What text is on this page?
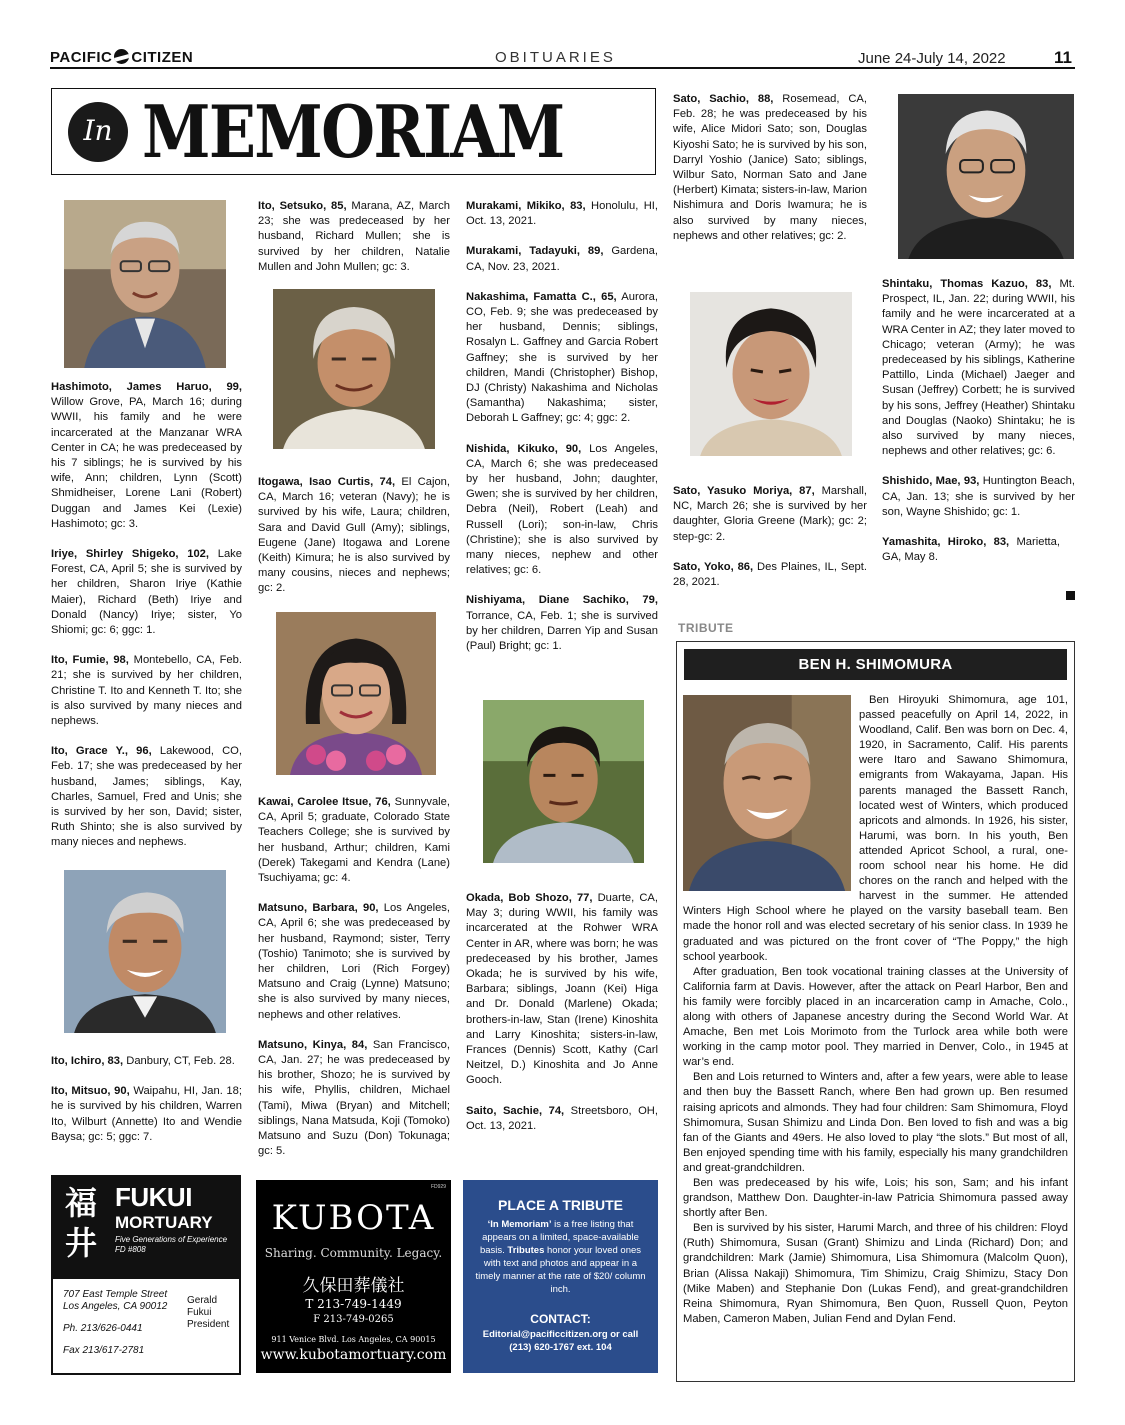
PACIFIC CITIZEN	OBITUARIES	June 24-July 14, 2022	11
In MEMORIAM
Hashimoto, James Haruo, 99, Willow Grove, PA, March 16; during WWII, his family and he were incarcerated at the Manzanar WRA Center in CA; he was predeceased by his 7 siblings; he is survived by his wife, Ann; children, Lynn (Scott) Shmidheiser, Lorene Lani (Robert) Duggan and James Kei (Lexie) Hashimoto; gc: 3.
Iriye, Shirley Shigeko, 102, Lake Forest, CA, April 5; she is survived by her children, Sharon Iriye (Kathie Maier), Richard (Beth) Iriye and Donald (Nancy) Iriye; sister, Yo Shiomi; gc: 6; ggc: 1.
Ito, Fumie, 98, Montebello, CA, Feb. 21; she is survived by her children, Christine T. Ito and Kenneth T. Ito; she is also survived by many nieces and nephews.
Ito, Grace Y., 96, Lakewood, CO, Feb. 17; she was predeceased by her husband, James; siblings, Kay, Charles, Samuel, Fred and Unis; she is survived by her son, David; sister, Ruth Shinto; she is also survived by many nieces and nephews.
Ito, Ichiro, 83, Danbury, CT, Feb. 28.
Ito, Mitsuo, 90, Waipahu, HI, Jan. 18; he is survived by his children, Warren Ito, Wilburt (Annette) Ito and Wendie Baysa; gc: 5; ggc: 7.
Ito, Setsuko, 85, Marana, AZ, March 23; she was predeceased by her husband, Richard Mullen; she is survived by her children, Natalie Mullen and John Mullen; gc: 3.
Itogawa, Isao Curtis, 74, El Cajon, CA, March 16; veteran (Navy); he is survived by his wife, Laura; children, Sara and David Gull (Amy); siblings, Eugene (Jane) Itogawa and Lorene (Keith) Kimura; he is also survived by many cousins, nieces and nephews; gc: 2.
Kawai, Carolee Itsue, 76, Sunnyvale, CA, April 5; graduate, Colorado State Teachers College; she is survived by her husband, Arthur; children, Kami (Derek) Takegami and Kendra (Lane) Tsuchiyama; gc: 4.
Matsuno, Barbara, 90, Los Angeles, CA, April 6; she was predeceased by her husband, Raymond; sister, Terry (Toshio) Tanimoto; she is survived by her children, Lori (Rich Forgey) Matsuno and Craig (Lynne) Matsuno; she is also survived by many nieces, nephews and other relatives.
Matsuno, Kinya, 84, San Francisco, CA, Jan. 27; he was predeceased by his brother, Shozo; he is survived by his wife, Phyllis, children, Michael (Tami), Miwa (Bryan) and Mitchell; siblings, Nana Matsuda, Koji (Tomoko) Matsuno and Suzu (Don) Tokunaga; gc: 5.
Murakami, Mikiko, 83, Honolulu, HI, Oct. 13, 2021.
Murakami, Tadayuki, 89, Gardena, CA, Nov. 23, 2021.
Nakashima, Famatta C., 65, Aurora, CO, Feb. 9; she was predeceased by her husband, Dennis; siblings, Rosalyn L. Gaffney and Garcia Robert Gaffney; she is survived by her children, Mandi (Christopher) Bishop, DJ (Christy) Nakashima and Nicholas (Samantha) Nakashima; sister, Deborah L Gaffney; gc: 4; ggc: 2.
Nishida, Kikuko, 90, Los Angeles, CA, March 6; she was predeceased by her husband, John; daughter, Gwen; she is survived by her children, Debra (Neil), Robert (Leah) and Russell (Lori); son-in-law, Chris (Christine); she is also survived by many nieces, nephew and other relatives; gc: 6.
Nishiyama, Diane Sachiko, 79, Torrance, CA, Feb. 1; she is survived by her children, Darren Yip and Susan (Paul) Bright; gc: 1.
Okada, Bob Shozo, 77, Duarte, CA, May 3; during WWII, his family was incarcerated at the Rohwer WRA Center in AR, where was born; he was predeceased by his brother, James Okada; he is survived by his wife, Barbara; siblings, Joann (Kei) Higa and Dr. Donald (Marlene) Okada; brothers-in-law, Stan (Irene) Kinoshita and Larry Kinoshita; sisters-in-law, Frances (Dennis) Scott, Kathy (Carl Neitzel, D.) Kinoshita and Jo Anne Gooch.
Saito, Sachie, 74, Streetsboro, OH, Oct. 13, 2021.
Sato, Sachio, 88, Rosemead, CA, Feb. 28; he was predeceased by his wife, Alice Midori Sato; son, Douglas Kiyoshi Sato; he is survived by his son, Darryl Yoshio (Janice) Sato; siblings, Wilbur Sato, Norman Sato and Jane (Herbert) Kimata; sisters-in-law, Marion Nishimura and Doris Iwamura; he is also survived by many nieces, nephews and other relatives; gc: 2.
Sato, Yasuko Moriya, 87, Marshall, NC, March 26; she is survived by her daughter, Gloria Greene (Mark); gc: 2; step-gc: 2.
Sato, Yoko, 86, Des Plaines, IL, Sept. 28, 2021.
Shintaku, Thomas Kazuo, 83, Mt. Prospect, IL, Jan. 22; during WWII, his family and he were incarcerated at a WRA Center in AZ; they later moved to Chicago; veteran (Army); he was predeceased by his siblings, Katherine Pattillo, Linda (Michael) Jaeger and Susan (Jeffrey) Corbett; he is survived by his sons, Jeffrey (Heather) Shintaku and Douglas (Naoko) Shintaku; he is also survived by many nieces, nephews and other relatives; gc: 6.
Shishido, Mae, 93, Huntington Beach, CA, Jan. 13; she is survived by her son, Wayne Shishido; gc: 1.
Yamashita, Hiroko, 83, Marietta, GA, May 8.
TRIBUTE
BEN H. SHIMOMURA

Ben Hiroyuki Shimomura, age 101, passed peacefully on April 14, 2022, in Woodland, Calif. Ben was born on Dec. 4, 1920, in Sacramento, Calif. His parents were Itaro and Sawano Shimomura, emigrants from Wakayama, Japan. His parents managed the Bassett Ranch, located west of Winters, which produced apricots and almonds. In 1926, his sister, Harumi, was born. In his youth, Ben attended Apricot School, a rural, one-room school near his home. He did chores on the ranch and helped with the harvest in the summer. He attended Winters High School where he played on the varsity baseball team. Ben made the honor roll and was elected secretary of his senior class. In 1939 he graduated and was pictured on the front cover of “The Poppy,” the high school yearbook.

After graduation, Ben took vocational training classes at the University of California farm at Davis. However, after the attack on Pearl Harbor, Ben and his family were forcibly placed in an incarceration camp in Amache, Colo., along with others of Japanese ancestry during the Second World War. At Amache, Ben met Lois Morimoto from the Turlock area while both were working in the camp motor pool. They married in Denver, Colo., in 1945 at war’s end.

Ben and Lois returned to Winters and, after a few years, were able to lease and then buy the Bassett Ranch, where Ben had grown up. Ben resumed raising apricots and almonds. They had four children: Sam Shimomura, Floyd Shimomura, Susan Shimizu and Linda Don. Ben loved to fish and was a big fan of the Giants and 49ers. He also loved to play “the slots.” But most of all, Ben enjoyed spending time with his family, especially his many grandchildren and great-grandchildren.

Ben was predeceased by his wife, Lois; his son, Sam; and his infant grandson, Matthew Don. Daughter-in-law Patricia Shimomura passed away shortly after Ben.

Ben is survived by his sister, Harumi March, and three of his children: Floyd (Ruth) Shimomura, Susan (Grant) Shimizu and Linda (Richard) Don; and grandchildren: Mark (Jamie) Shimomura, Lisa Shimomura (Malcolm Quon), Brian (Alissa Nakaji) Shimomura, Tim Shimizu, Craig Shimizu, Stacy Don (Mike Maben) and Stephanie Don (Lukas Fend), and great-grandchildren Reina Shimomura, Ryan Shimomura, Ben Quon, Russell Quon, Peyton Maben, Cameron Maben, Julian Fend and Dylan Fend.

福
井
FUKUI
MORTUARY
Five Generations of Experience
FD #808
707 East Temple Street
Los Angeles, CA 90012
Gerald
Fukui
President
Ph. 213/626-0441
Fax 213/617-2781
FD929
KUBOTA
Sharing. Community. Legacy.
久保田葬儀社
T 213-749-1449
F 213-749-0265
911 Venice Blvd. Los Angeles, CA 90015
www.kubotamortuary.com
PLACE A TRIBUTE
‘In Memoriam’ is a free listing that appears on a limited, space-available basis. Tributes honor your loved ones with text and photos and appear in a timely manner at the rate of $20/ column inch.
CONTACT:
Editorial@pacificcitizen.org or call (213) 620-1767 ext. 104
